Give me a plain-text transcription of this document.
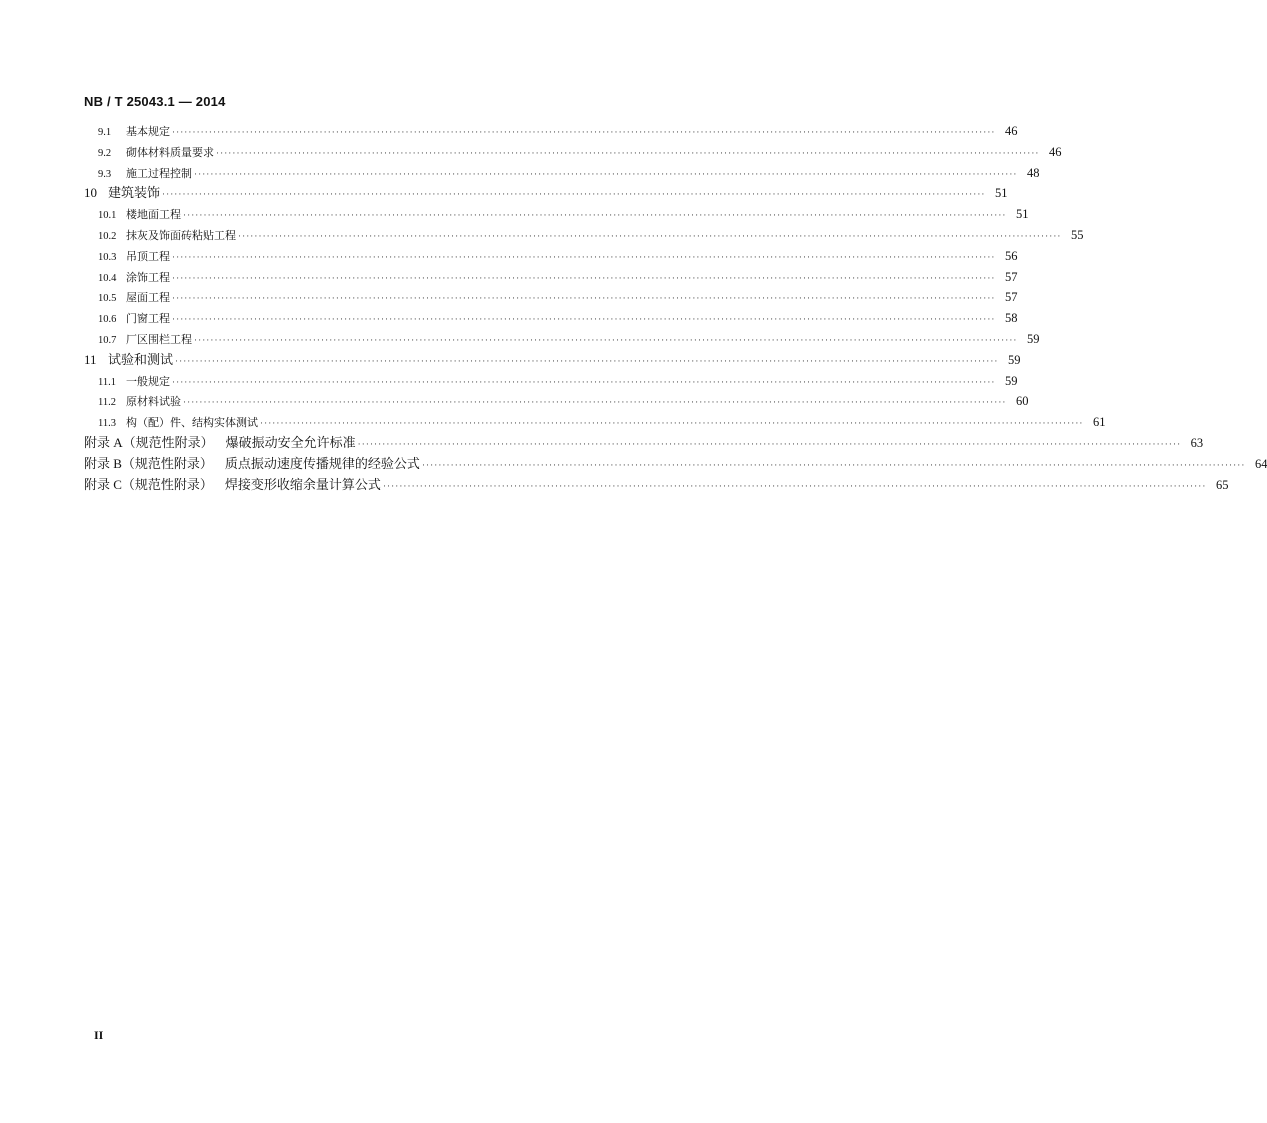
NB / T 25043.1 — 2014
9.1	基本规定 ········································································································································································································· 46
9.2	砌体材料质量要求 ········································································································································································································· 46
9.3	施工过程控制 ········································································································································································································· 48
10 建筑装饰 ········································································································································································································· 51
10.1 楼地面工程 ········································································································································································································· 51
10.2 抹灰及饰面砖粘贴工程 ········································································································································································································· 55
10.3 吊顶工程 ········································································································································································································· 56
10.4 涂饰工程 ········································································································································································································· 57
10.5 屋面工程 ········································································································································································································· 57
10.6 门窗工程 ········································································································································································································· 58
10.7 厂区围栏工程 ········································································································································································································· 59
11 试验和测试 ········································································································································································································· 59
11.1 一般规定 ········································································································································································································· 59
11.2 原材料试验 ········································································································································································································· 60
11.3 构（配）件、结构实体测试 ········································································································································································································· 61
附录 A（规范性附录） 爆破振动安全允许标准 ········································································································································································································· 63
附录 B（规范性附录） 质点振动速度传播规律的经验公式 ········································································································································································································· 64
附录 C（规范性附录） 焊接变形收缩余量计算公式 ········································································································································································································· 65
II
